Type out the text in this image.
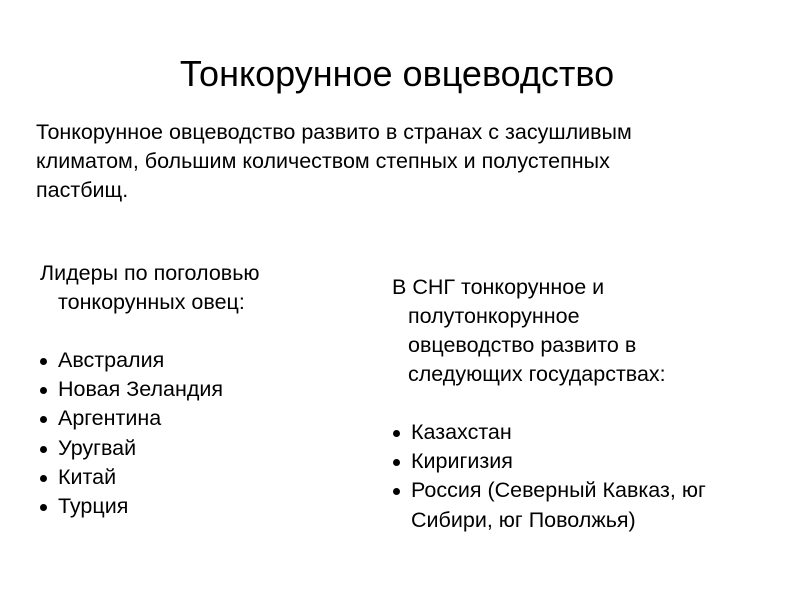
Тонкорунное овцеводство

Тонкорунное овцеводство развито в странах с засушливым
климатом, большим количеством степных и полустепных
пастбищ.

Лидеры по поголовью
тонкорунных овец:
Австралия
Новая Зеландия
Аргентина
Уругвай
Китай
Турция
В СНГ тонкорунное и
полутонкорунное
овцеводство развито в
следующих государствах:
Казахстан
Киригизия
Россия (Северный Кавказ, юг
Сибири, юг Поволжья)
